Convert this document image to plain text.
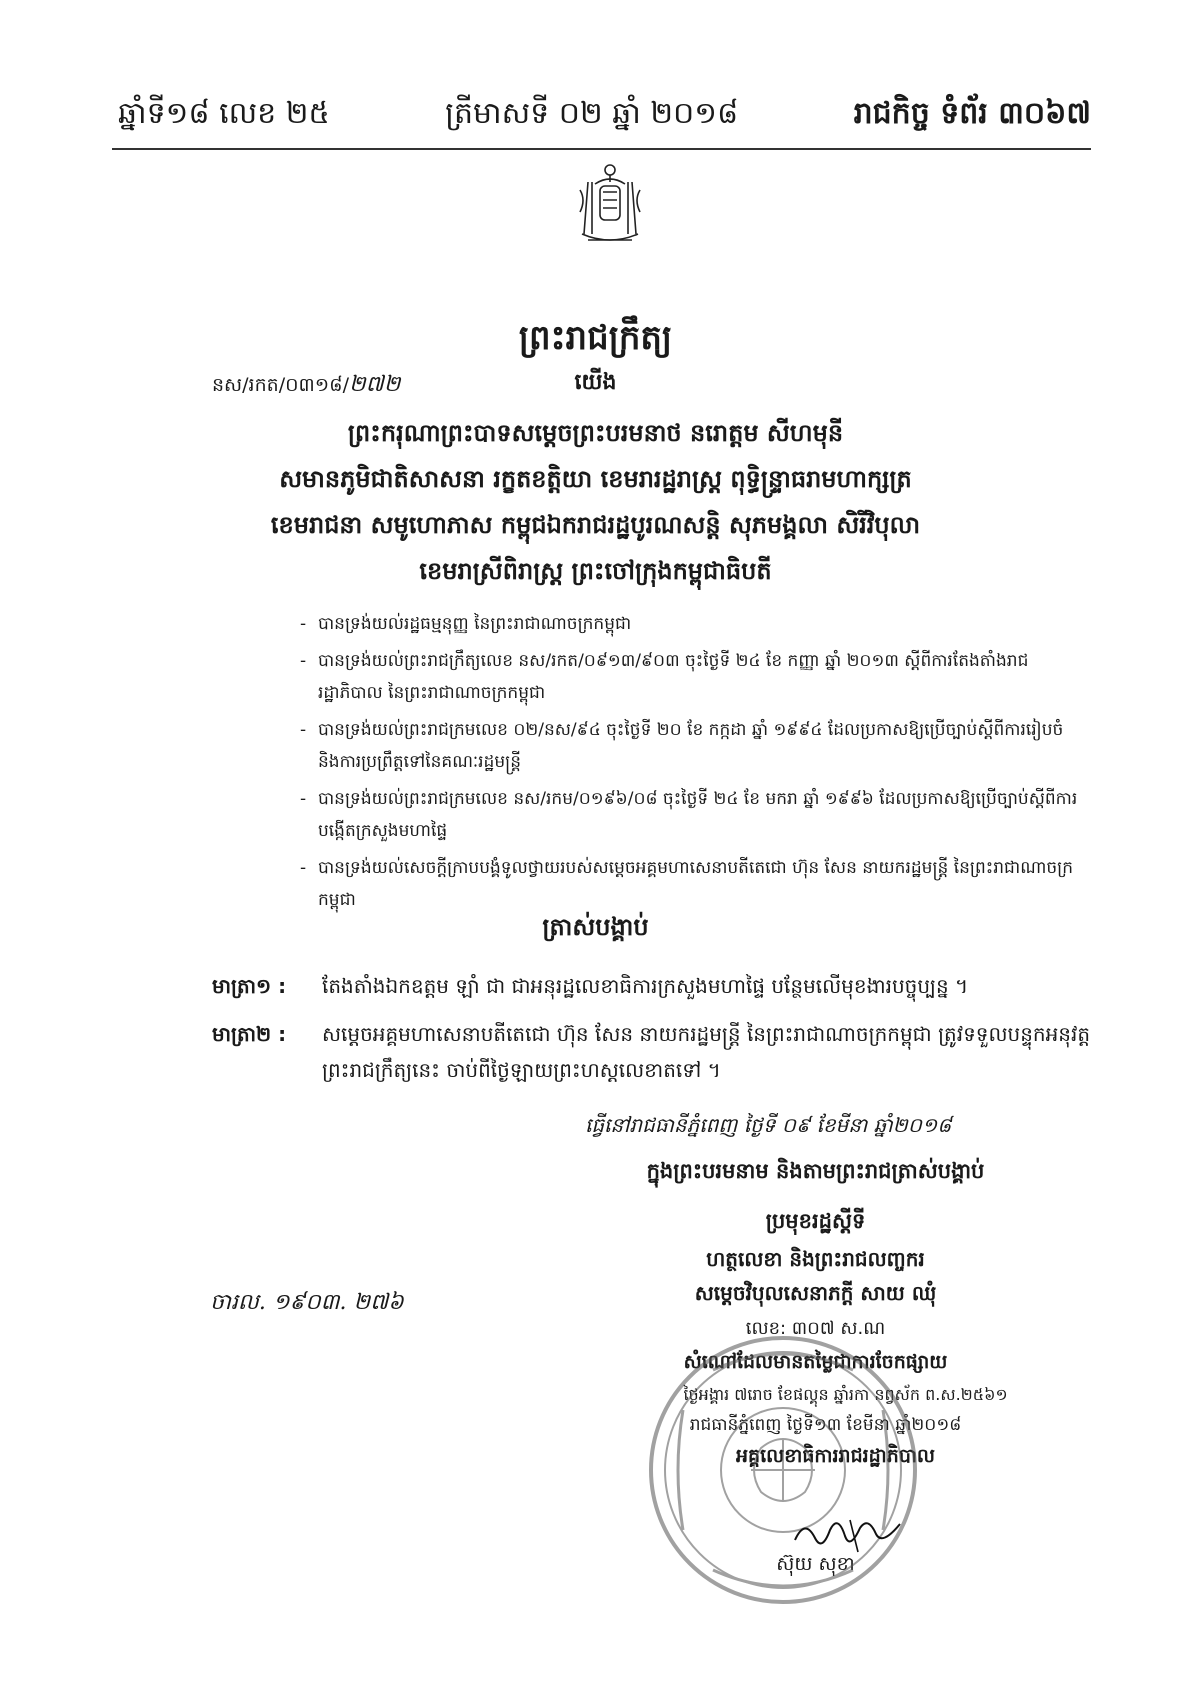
ឆ្នាំទី១៨ លេខ ២៥	ត្រីមាសទី ០២ ឆ្នាំ ២០១៨	រាជកិច្ច ទំព័រ ៣០៦៧
ព្រះរាជក្រឹត្យ
នស/រកត/០៣១៨/២៧២	យើង
ព្រះករុណាព្រះបាទសម្តេចព្រះបរមនាថ នរោត្តម សីហមុនី
សមានភូមិជាតិសាសនា រក្ខតខត្តិយា ខេមរារដ្ឋរាស្ត្រ ពុទ្ធិន្ទ្រាធរាមហាក្សត្រ
ខេមរាជនា សមូហោភាស កម្ពុជឯករាជរដ្ឋបូរណសន្តិ សុភមង្គលា សិរីវិបុលា
ខេមរាស្រីពិរាស្ត្រ ព្រះចៅក្រុងកម្ពុជាធិបតី
- បានទ្រង់យល់រដ្ឋធម្មនុញ្ញ នៃព្រះរាជាណាចក្រកម្ពុជា
- បានទ្រង់យល់ព្រះរាជក្រឹត្យលេខ នស/រកត/០៩១៣/៩០៣ ចុះថ្ងៃទី ២៤ ខែ កញ្ញា ឆ្នាំ ២០១៣ ស្តីពីការតែងតាំងរាជរដ្ឋាភិបាល នៃព្រះរាជាណាចក្រកម្ពុជា
- បានទ្រង់យល់ព្រះរាជក្រមលេខ ០២/នស/៩៤ ចុះថ្ងៃទី ២០ ខែ កក្កដា ឆ្នាំ ១៩៩៤ ដែលប្រកាសឱ្យប្រើច្បាប់ស្តីពីការរៀបចំ និងការប្រព្រឹត្តទៅនៃគណៈរដ្ឋមន្ត្រី
- បានទ្រង់យល់ព្រះរាជក្រមលេខ នស/រកម/០១៩៦/០៨ ចុះថ្ងៃទី ២៤ ខែ មករា ឆ្នាំ ១៩៩៦ ដែលប្រកាសឱ្យប្រើច្បាប់ស្តីពីការបង្កើតក្រសួងមហាផ្ទៃ
- បានទ្រង់យល់សេចក្តីក្រាបបង្គំទូលថ្វាយរបស់សម្តេចអគ្គមហាសេនាបតីតេជោ ហ៊ុន សែន នាយករដ្ឋមន្ត្រី នៃព្រះរាជាណាចក្រកម្ពុជា
ត្រាស់បង្គាប់
មាត្រា១ :	តែងតាំងឯកឧត្តម ឡាំ ជា ជាអនុរដ្ឋលេខាធិការក្រសួងមហាផ្ទៃ បន្ថែមលើមុខងារបច្ចុប្បន្ន ។
មាត្រា២ :	សម្តេចអគ្គមហាសេនាបតីតេជោ ហ៊ុន សែន នាយករដ្ឋមន្ត្រី នៃព្រះរាជាណាចក្រកម្ពុជា ត្រូវទទួលបន្ទុកអនុវត្តព្រះរាជក្រឹត្យនេះ ចាប់ពីថ្ងៃឡាយព្រះហស្តលេខាតទៅ ។
ធ្វើនៅរាជធានីភ្នំពេញ ថ្ងៃទី ០៩ ខែមីនា ឆ្នាំ២០១៨
ក្នុងព្រះបរមនាម និងតាមព្រះរាជត្រាស់បង្គាប់
ប្រមុខរដ្ឋស្តីទី
ហត្ថលេខា និងព្រះរាជលញ្ចករ
សម្តេចវិបុលសេនាភក្តី សាយ ឈុំ
លេខ: ៣០៧ ស.ណ
សំណៅដែលមានតម្លៃជាការចែកផ្សាយ
ថ្ងៃអង្គារ ៧រោច ខែផល្គុន ឆ្នាំរកា នព្វស័ក ព.ស.២៥៦១
រាជធានីភ្នំពេញ ថ្ងៃទី១៣ ខែមីនា ឆ្នាំ២០១៨
អគ្គលេខាធិការរាជរដ្ឋាភិបាល
ស៊ុយ សុខា
ចារល. ១៩០៣. ២៧៦
